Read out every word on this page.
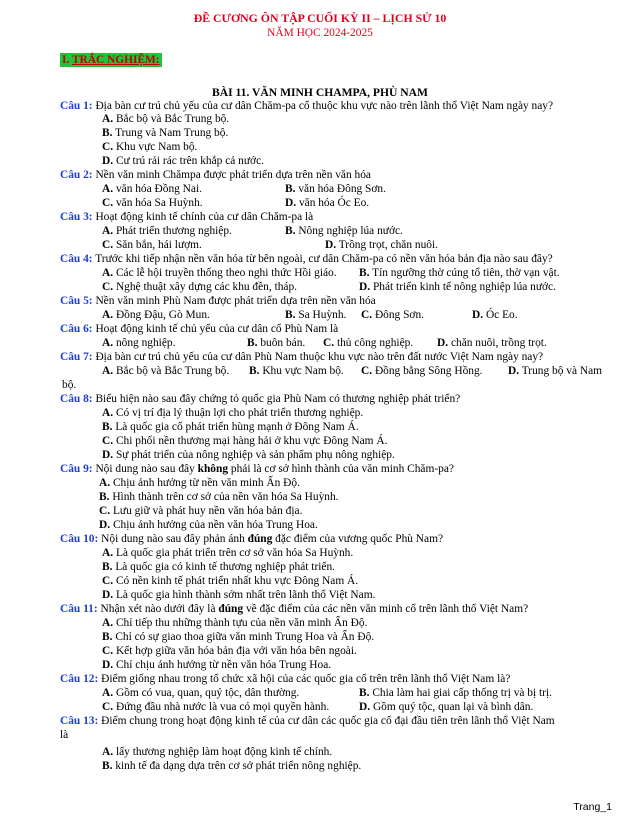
ĐỀ CƯƠNG ÔN TẬP CUỐI KỲ II – LỊCH SỬ 10
NĂM HỌC 2024-2025
I. TRẮC NGHIỆM:
BÀI 11. VĂN MINH CHAMPA, PHÙ NAM
Câu 1: Địa bàn cư trú chủ yếu của cư dân Chăm-pa cổ thuộc khu vực nào trên lãnh thổ Việt Nam ngày nay?
A. Bắc bộ và Bắc Trung bộ.
B. Trung và Nam Trung bộ.
C. Khu vực Nam bộ.
D. Cư trú rải rác trên khắp cả nước.
Câu 2: Nền văn minh Chămpa được phát triển dựa trên nền văn hóa
A. văn hóa Đồng Nai.	B. văn hóa Đông Sơn.
C. văn hóa Sa Huỳnh.	D. văn hóa Óc Eo.
Câu 3: Hoạt động kinh tế chính của cư dân Chăm-pa là
A. Phát triển thương nghiệp.	B. Nông nghiệp lúa nước.
C. Săn bắn, hái lượm.	D. Trồng trọt, chăn nuôi.
Câu 4: Trước khi tiếp nhận nền văn hóa từ bên ngoài, cư dân Chăm-pa có nền văn hóa bản địa nào sau đây?
A. Các lễ hội truyền thống theo nghi thức Hồi giáo. B. Tín ngưỡng thờ cúng tổ tiên, thờ vạn vật.
C. Nghệ thuật xây dựng các khu đền, tháp.	D. Phát triển kinh tế nông nghiệp lúa nước.
Câu 5: Nền văn minh Phù Nam được phát triển dựa trên nền văn hóa
A. Đồng Đậu, Gò Mun.	B. Sa Huỳnh. C. Đông Sơn.	D. Óc Eo.
Câu 6: Hoạt động kinh tế chủ yếu của cư dân cổ Phù Nam là
A. nông nghiệp.	B. buôn bán. C. thủ công nghiệp. D. chăn nuôi, trồng trọt.
Câu 7: Địa bàn cư trú chủ yếu của cư dân Phù Nam thuộc khu vực nào trên đất nước Việt Nam ngày nay?
A. Bắc bộ và Bắc Trung bộ. B. Khu vực Nam bộ. C. Đồng bằng Sông Hồng. D. Trung bộ và Nam
bộ.
Câu 8: Biểu hiện nào sau đây chứng tỏ quốc gia Phù Nam có thương nghiệp phát triển?
A. Có vị trí địa lý thuận lợi cho phát triển thương nghiệp.
B. Là quốc gia cổ phát triển hùng mạnh ở Đông Nam Á.
C. Chi phối nền thương mại hàng hải ở khu vực Đông Nam Á.
D. Sự phát triển của nông nghiệp và sản phẩm phụ nông nghiệp.
Câu 9: Nội dung nào sau đây không phải là cơ sở hình thành của văn minh Chăm-pa?
A. Chịu ảnh hưởng từ nền văn minh Ấn Độ.
B. Hình thành trên cơ sở của nền văn hóa Sa Huỳnh.
C. Lưu giữ và phát huy nền văn hóa bản địa.
D. Chịu ảnh hưởng của nền văn hóa Trung Hoa.
Câu 10: Nội dung nào sau đây phản ánh đúng đặc điểm của vương quốc Phù Nam?
A. Là quốc gia phát triển trên cơ sở văn hóa Sa Huỳnh.
B. Là quốc gia có kinh tế thương nghiệp phát triển.
C. Có nền kinh tế phát triển nhất khu vực Đông Nam Á.
D. Là quốc gia hình thành sớm nhất trên lãnh thổ Việt Nam.
Câu 11: Nhận xét nào dưới đây là đúng về đặc điểm của các nền văn minh cổ trên lãnh thổ Việt Nam?
A. Chỉ tiếp thu những thành tựu của nền văn minh Ấn Độ.
B. Chỉ có sự giao thoa giữa văn minh Trung Hoa và Ấn Độ.
C. Kết hợp giữa văn hóa bản địa với văn hóa bên ngoài.
D. Chỉ chịu ảnh hưởng từ nền văn hóa Trung Hoa.
Câu 12: Điểm giống nhau trong tổ chức xã hội của các quốc gia cổ trên trên lãnh thổ Việt Nam là?
A. Gồm có vua, quan, quý tộc, dân thường.	B. Chia làm hai giai cấp thống trị và bị trị.
C. Đứng đầu nhà nước là vua có mọi quyền hành.	D. Gồm quý tộc, quan lại và bình dân.
Câu 13: Điểm chung trong hoạt động kinh tế của cư dân các quốc gia cổ đại đầu tiên trên lãnh thổ Việt Nam
là
A. lấy thương nghiệp làm hoạt động kinh tế chính.
B. kinh tế đa dạng dựa trên cơ sở phát triển nông nghiệp.
Trang_1
